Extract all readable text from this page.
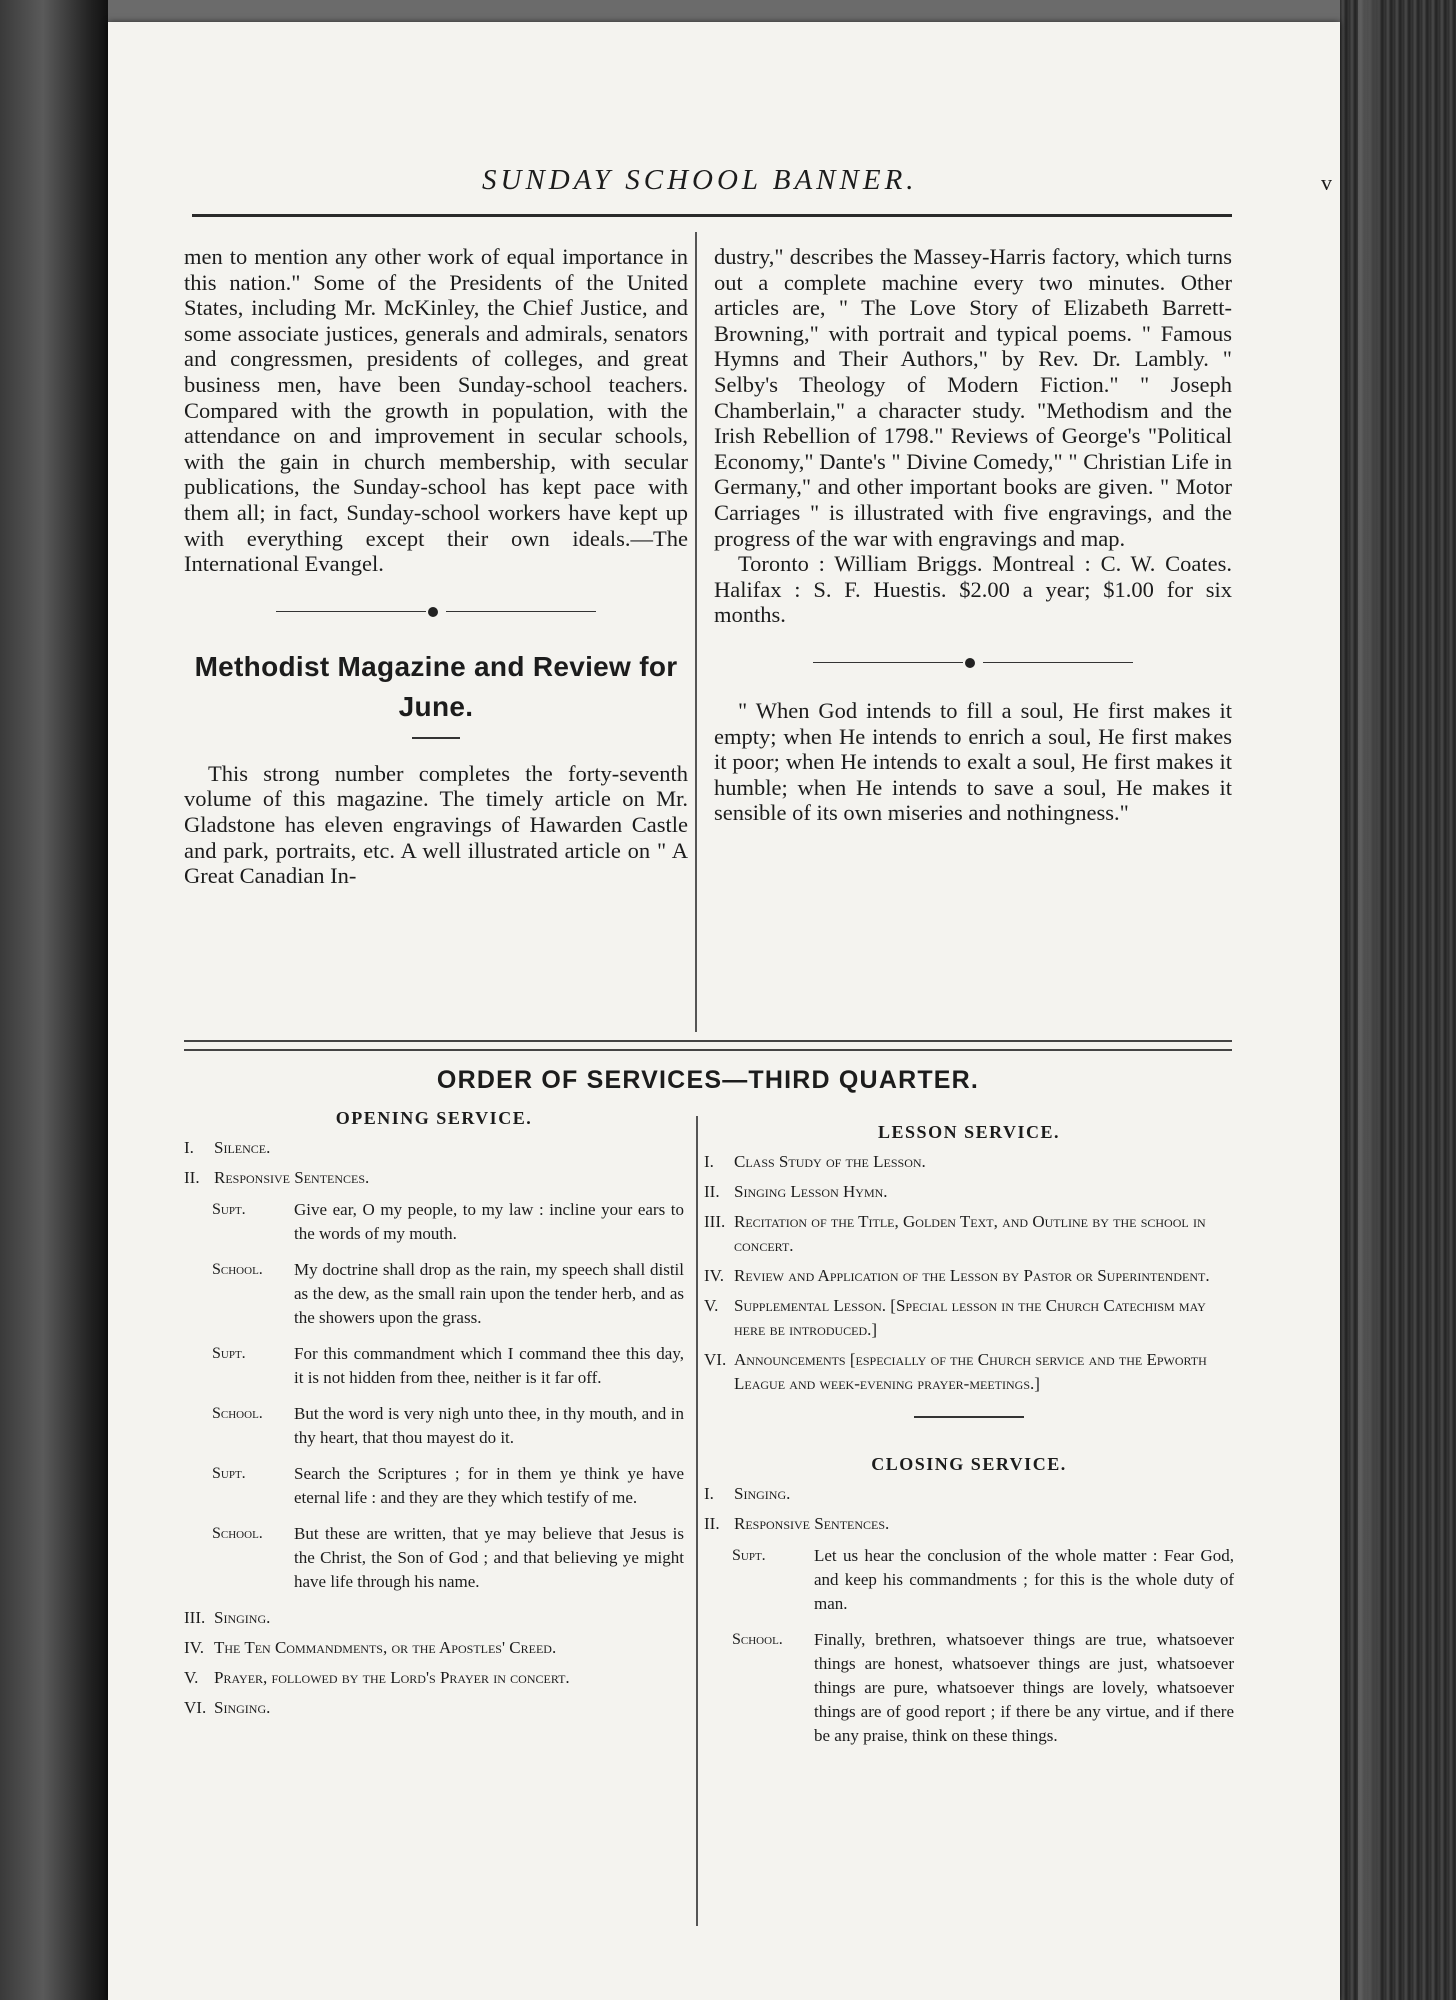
SUNDAY SCHOOL BANNER.	v

men to mention any other work of equal importance in this nation." Some of the Presidents of the United States, including Mr. McKinley, the Chief Justice, and some associate justices, generals and admirals, senators and congressmen, presidents of colleges, and great business men, have been Sunday-school teachers. Compared with the growth in population, with the attendance on and improvement in secular schools, with the gain in church membership, with secular publications, the Sunday-school has kept pace with them all; in fact, Sunday-school workers have kept up with everything except their own ideals.—The International Evangel.

Methodist Magazine and Review for June.

This strong number completes the forty-seventh volume of this magazine. The timely article on Mr. Gladstone has eleven engravings of Hawarden Castle and park, portraits, etc. A well illustrated article on " A Great Canadian In-

dustry," describes the Massey-Harris factory, which turns out a complete machine every two minutes. Other articles are, " The Love Story of Elizabeth Barrett-Browning," with portrait and typical poems. " Famous Hymns and Their Authors," by Rev. Dr. Lambly. " Selby's Theology of Modern Fiction." " Joseph Chamberlain," a character study. "Methodism and the Irish Rebellion of 1798." Reviews of George's "Political Economy," Dante's " Divine Comedy," " Christian Life in Germany," and other important books are given. " Motor Carriages " is illustrated with five engravings, and the progress of the war with engravings and map.

Toronto : William Briggs. Montreal : C. W. Coates. Halifax : S. F. Huestis. $2.00 a year; $1.00 for six months.

" When God intends to fill a soul, He first makes it empty; when He intends to enrich a soul, He first makes it poor; when He intends to exalt a soul, He first makes it humble; when He intends to save a soul, He makes it sensible of its own miseries and nothingness."

ORDER OF SERVICES—THIRD QUARTER.
OPENING SERVICE.
I.	Silence.
II. Responsive Sentences.
Supt.	Give ear, O my people, to my law : incline your ears to the words of my mouth.
School.	My doctrine shall drop as the rain, my speech shall distil as the dew, as the small rain upon the tender herb, and as the showers upon the grass.
Supt.	For this commandment which I command thee this day, it is not hidden from thee, neither is it far off.
School.	But the word is very nigh unto thee, in thy mouth, and in thy heart, that thou mayest do it.
Supt.	Search the Scriptures ; for in them ye think ye have eternal life : and they are they which testify of me.
School.	But these are written, that ye may believe that Jesus is the Christ, the Son of God ; and that believing ye might have life through his name.
III. Singing.
IV. The Ten Commandments, or the Apostles' Creed.
V. Prayer, followed by the Lord's Prayer in concert.
VI. Singing.
LESSON SERVICE.
I.	Class Study of the Lesson.
II. Singing Lesson Hymn.
III. Recitation of the Title, Golden Text, and Outline by the school in concert.
IV. Review and Application of the Lesson by Pastor or Superintendent.
V. Supplemental Lesson. [Special lesson in the Church Catechism may here be introduced.]
VI. Announcements [especially of the Church service and the Epworth League and week-evening prayer-meetings.]
CLOSING SERVICE.
I.	Singing.
II. Responsive Sentences.
Supt.	Let us hear the conclusion of the whole matter : Fear God, and keep his commandments ; for this is the whole duty of man.
School.	Finally, brethren, whatsoever things are true, whatsoever things are honest, whatsoever things are just, whatsoever things are pure, whatsoever things are lovely, whatsoever things are of good report ; if there be any virtue, and if there be any praise, think on these things.
